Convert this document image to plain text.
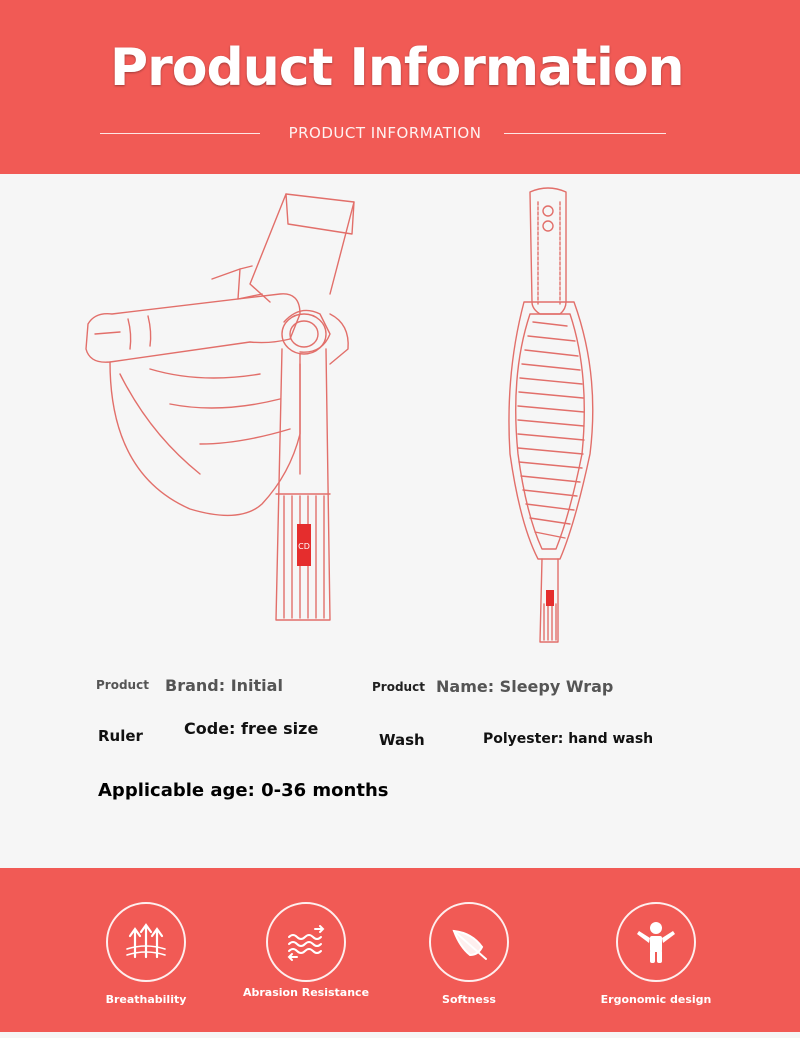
Product Information
PRODUCT INFORMATION
CD
Product Brand: Initial	Product Name: Sleepy Wrap
Ruler	Code: free size
Wash	Polyester: hand wash
Applicable age: 0-36 months
Breathability
Abrasion Resistance
Softness	Ergonomic design
